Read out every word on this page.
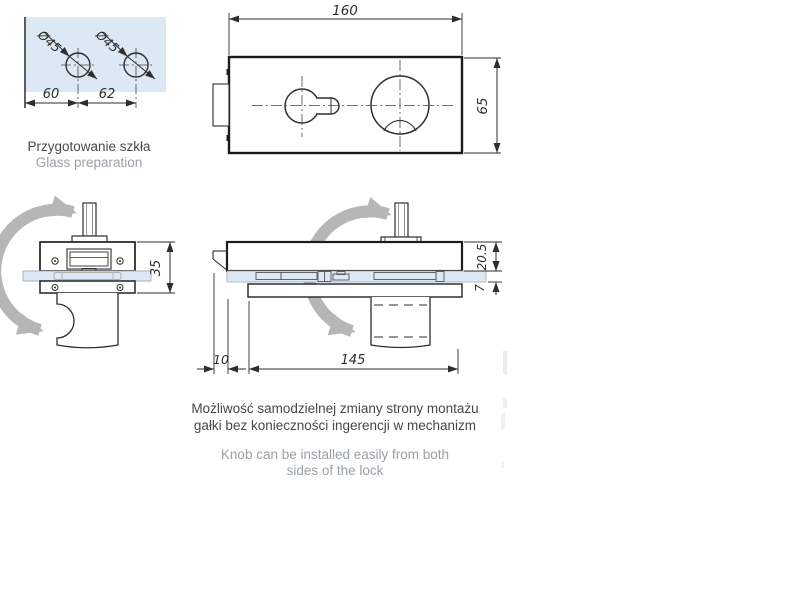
Ø45 Ø45
60	62
160
65
35	20.5
7
10	145
Przygotowanie szkła
Glass preparation
Możliwość samodzielnej zmiany strony montażu
gałki bez konieczności ingerencji w mechanizm
Knob can be installed easily from both
sides of the lock
